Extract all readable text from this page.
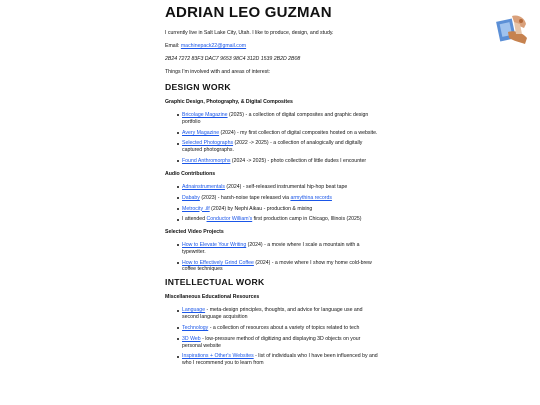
ADRIAN LEO GUZMAN

I currently live in Salt Lake City, Utah. I like to produce, design, and study.

Email: machinepack22@gmail.com

2B24 7272 83F3 DAC7 9653 98C4 312D 1539 2B2D 2B08

Things I'm involved with and areas of interest:

DESIGN WORK
Graphic Design, Photography, & Digital Composites
Bricolage Magazine (2025) - a collection of digital composites and graphic design portfolio
Avery Magazine (2024) - my first collection of digital composites hosted on a website.
Selected Photographs (2022 -> 2025) - a collection of analogically and digitally captured photographs.
Found Anthromorphs (2024 -> 2025) - photo collection of little dudes I encounter
Audio Contributions
Adnainstrumentals (2024) - self-released instrumental hip-hop beat tape
Dababy (2023) - harsh-noise tape released via armythina records
Metrocity .ilf (2024) by Nephi Aikau - production & mixing
I attended Conductor William's first production camp in Chicago, Illinois (2025)
Selected Video Projects
How to Elevate Your Writing (2024) - a movie where I scale a mountain with a typewriter.
How to Effectively Grind Coffee (2024) - a movie where I show my home cold-brew coffee techniques
INTELLECTUAL WORK
Miscellaneous Educational Resources
Language - meta-design principles, thoughts, and advice for language use and second language acquisition
Technology - a collection of resources about a variety of topics related to tech
3D Web - low-pressure method of digitizing and displaying 3D objects on your personal website
Inspirations + Other's Websites - list of individuals who I have been influenced by and who I recommend you to learn from
